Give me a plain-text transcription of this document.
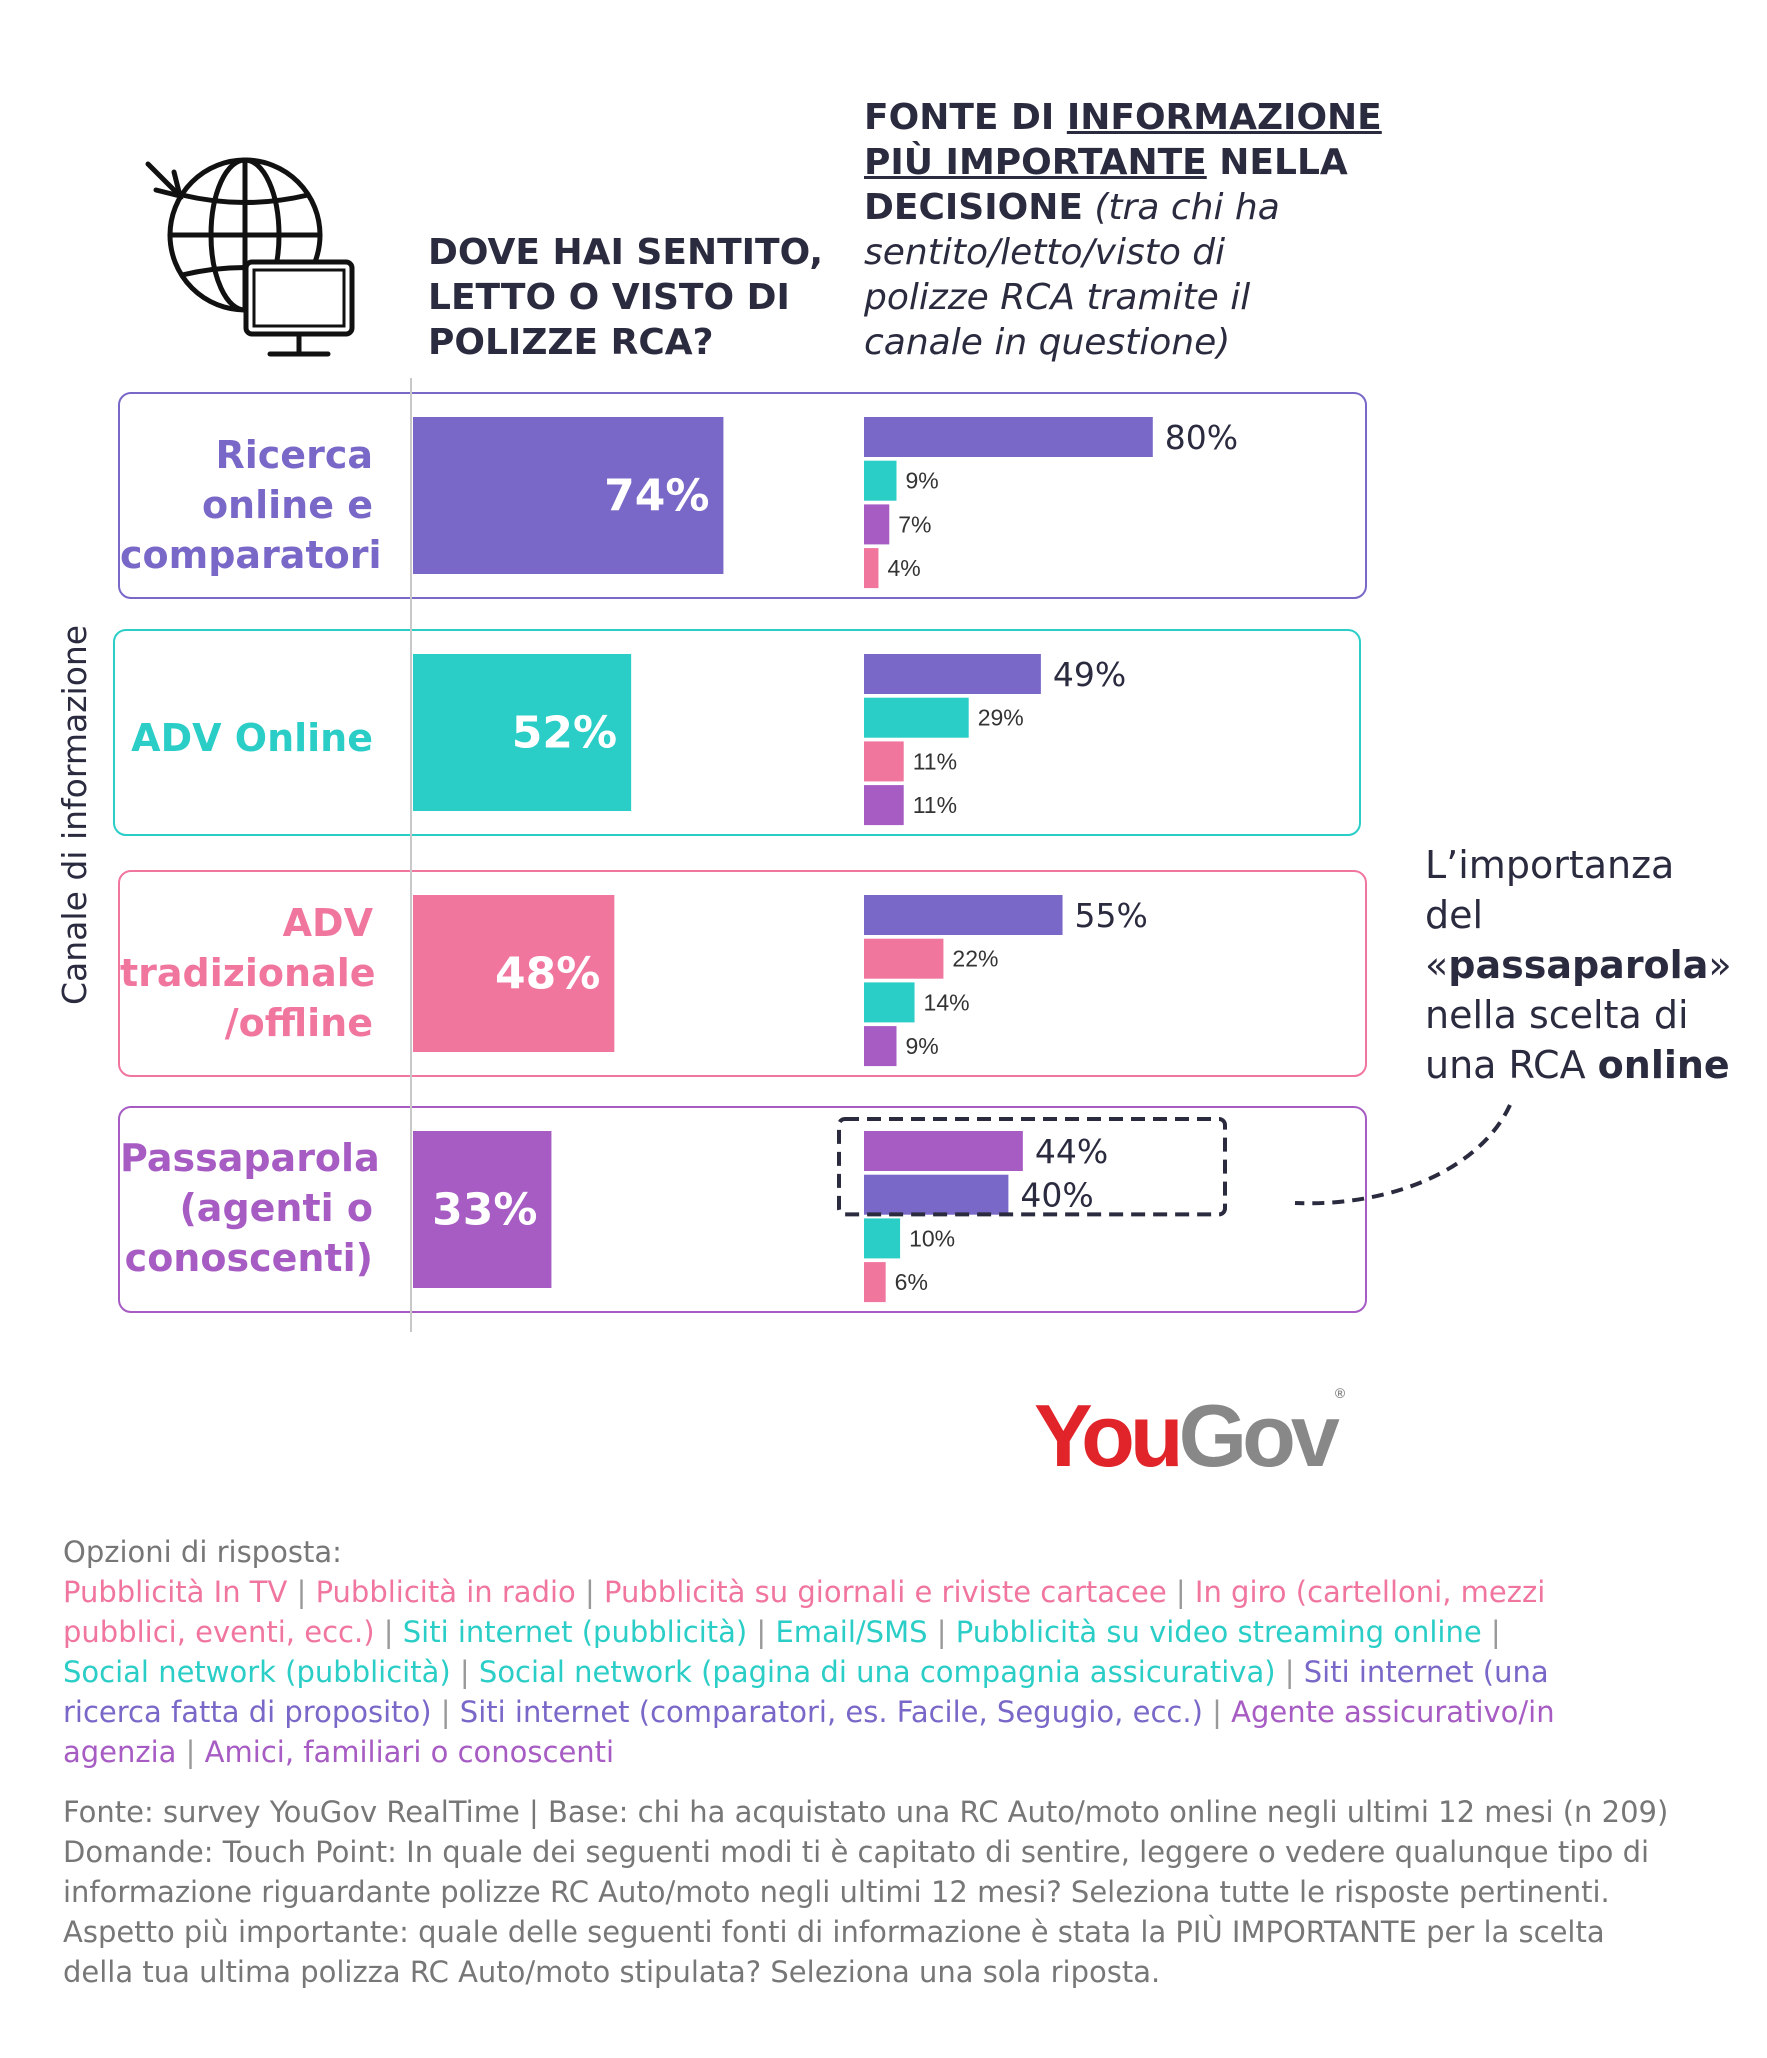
DOVE HAI SENTITO,
LETTO O VISTO DI
POLIZZE RCA?
FONTE DI INFORMAZIONE
PIÙ IMPORTANTE NELLA
DECISIONE (tra chi ha
sentito/letto/visto di
polizze RCA tramite il
canale in questione)
Canale di informazione
74%
52%
48%
33%
80%
9%
7%
4%
49%
29%
11%
11%
55%
22%
14%
9%
44%
40%
10%
6%
Ricerca
online e
comparatori
ADV Online
ADV
tradizionale
/offline
Passaparola
(agenti o
conoscenti)
L’importanza
del
«passaparola»
nella scelta di
una RCA online
YouGov®
Opzioni di risposta:
Pubblicità In TV | Pubblicità in radio | Pubblicità su giornali e riviste cartacee | In giro (cartelloni, mezzi
pubblici, eventi, ecc.) | Siti internet (pubblicità) | Email/SMS | Pubblicità su video streaming online |
Social network (pubblicità) | Social network (pagina di una compagnia assicurativa) | Siti internet (una
ricerca fatta di proposito) | Siti internet (comparatori, es. Facile, Segugio, ecc.) | Agente assicurativo/in
agenzia | Amici, familiari o conoscenti
Fonte: survey YouGov RealTime | Base: chi ha acquistato una RC Auto/moto online negli ultimi 12 mesi (n 209)
Domande: Touch Point: In quale dei seguenti modi ti è capitato di sentire, leggere o vedere qualunque tipo di
informazione riguardante polizze RC Auto/moto negli ultimi 12 mesi? Seleziona tutte le risposte pertinenti.
Aspetto più importante: quale delle seguenti fonti di informazione è stata la PIÙ IMPORTANTE per la scelta
della tua ultima polizza RC Auto/moto stipulata? Seleziona una sola riposta.
